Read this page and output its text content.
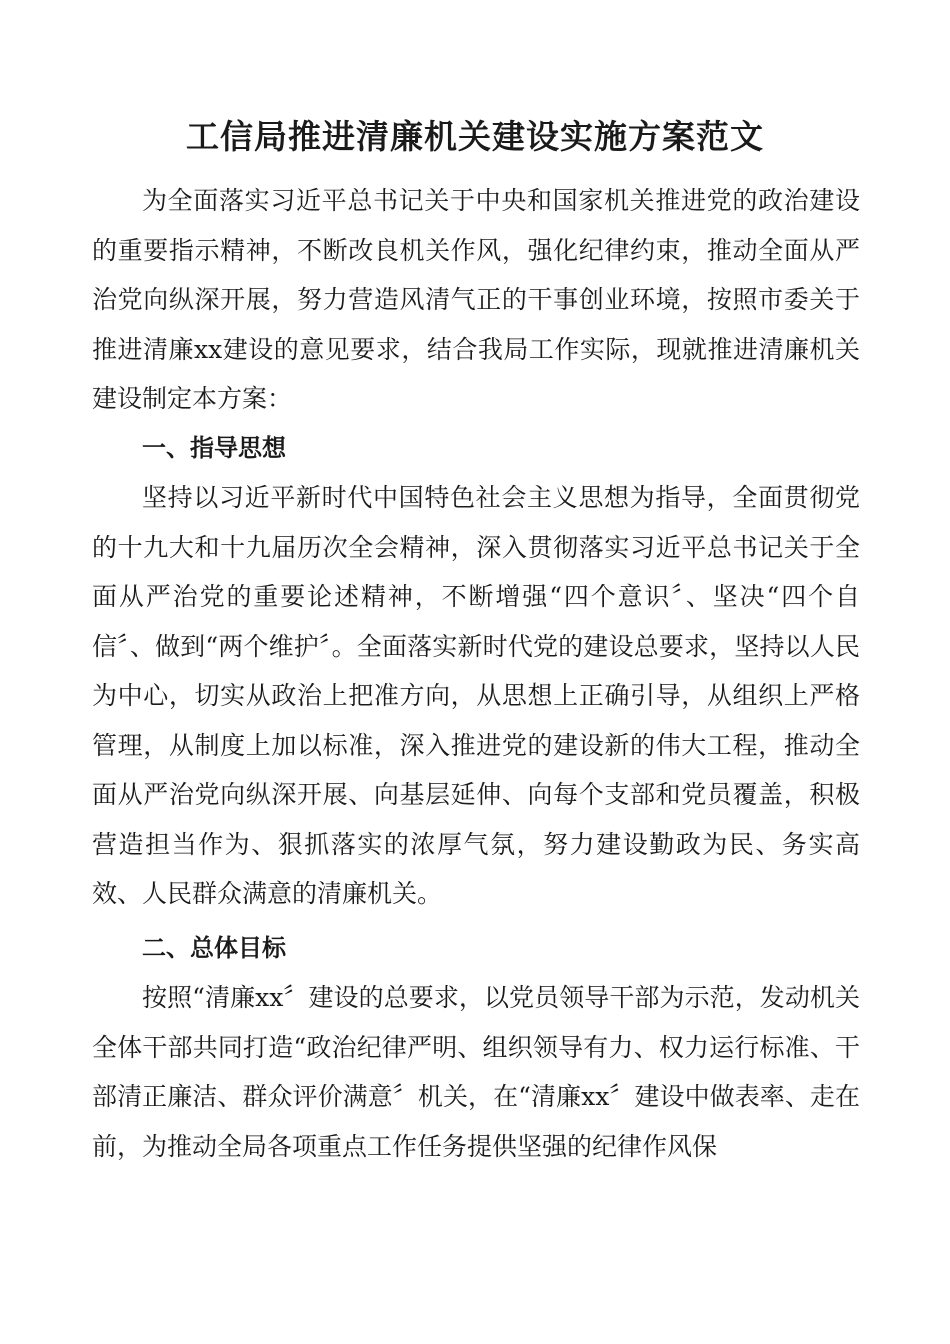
工信局推进清廉机关建设实施方案范文

为全面落实习近平总书记关于中央和国家机关推进党的政治建设的重要指示精神，不断改良机关作风，强化纪律约束，推动全面从严治党向纵深开展，努力营造风清气正的干事创业环境，按照市委关于推进清廉xx建设的意见要求，结合我局工作实际，现就推进清廉机关建设制定本方案：

一、指导思想

坚持以习近平新时代中国特色社会主义思想为指导，全面贯彻党的十九大和十九届历次全会精神，深入贯彻落实习近平总书记关于全面从严治党的重要论述精神，不断增强“四个意识〞、坚决“四个自信〞、做到“两个维护〞。全面落实新时代党的建设总要求，坚持以人民为中心，切实从政治上把准方向，从思想上正确引导，从组织上严格管理，从制度上加以标准，深入推进党的建设新的伟大工程，推动全面从严治党向纵深开展、向基层延伸、向每个支部和党员覆盖，积极营造担当作为、狠抓落实的浓厚气氛，努力建设勤政为民、务实高效、人民群众满意的清廉机关。

二、总体目标

按照“清廉xx〞建设的总要求，以党员领导干部为示范，发动机关全体干部共同打造“政治纪律严明、组织领导有力、权力运行标准、干部清正廉洁、群众评价满意〞机关，在“清廉xx〞建设中做表率、走在前，为推动全局各项重点工作任务提供坚强的纪律作风保
